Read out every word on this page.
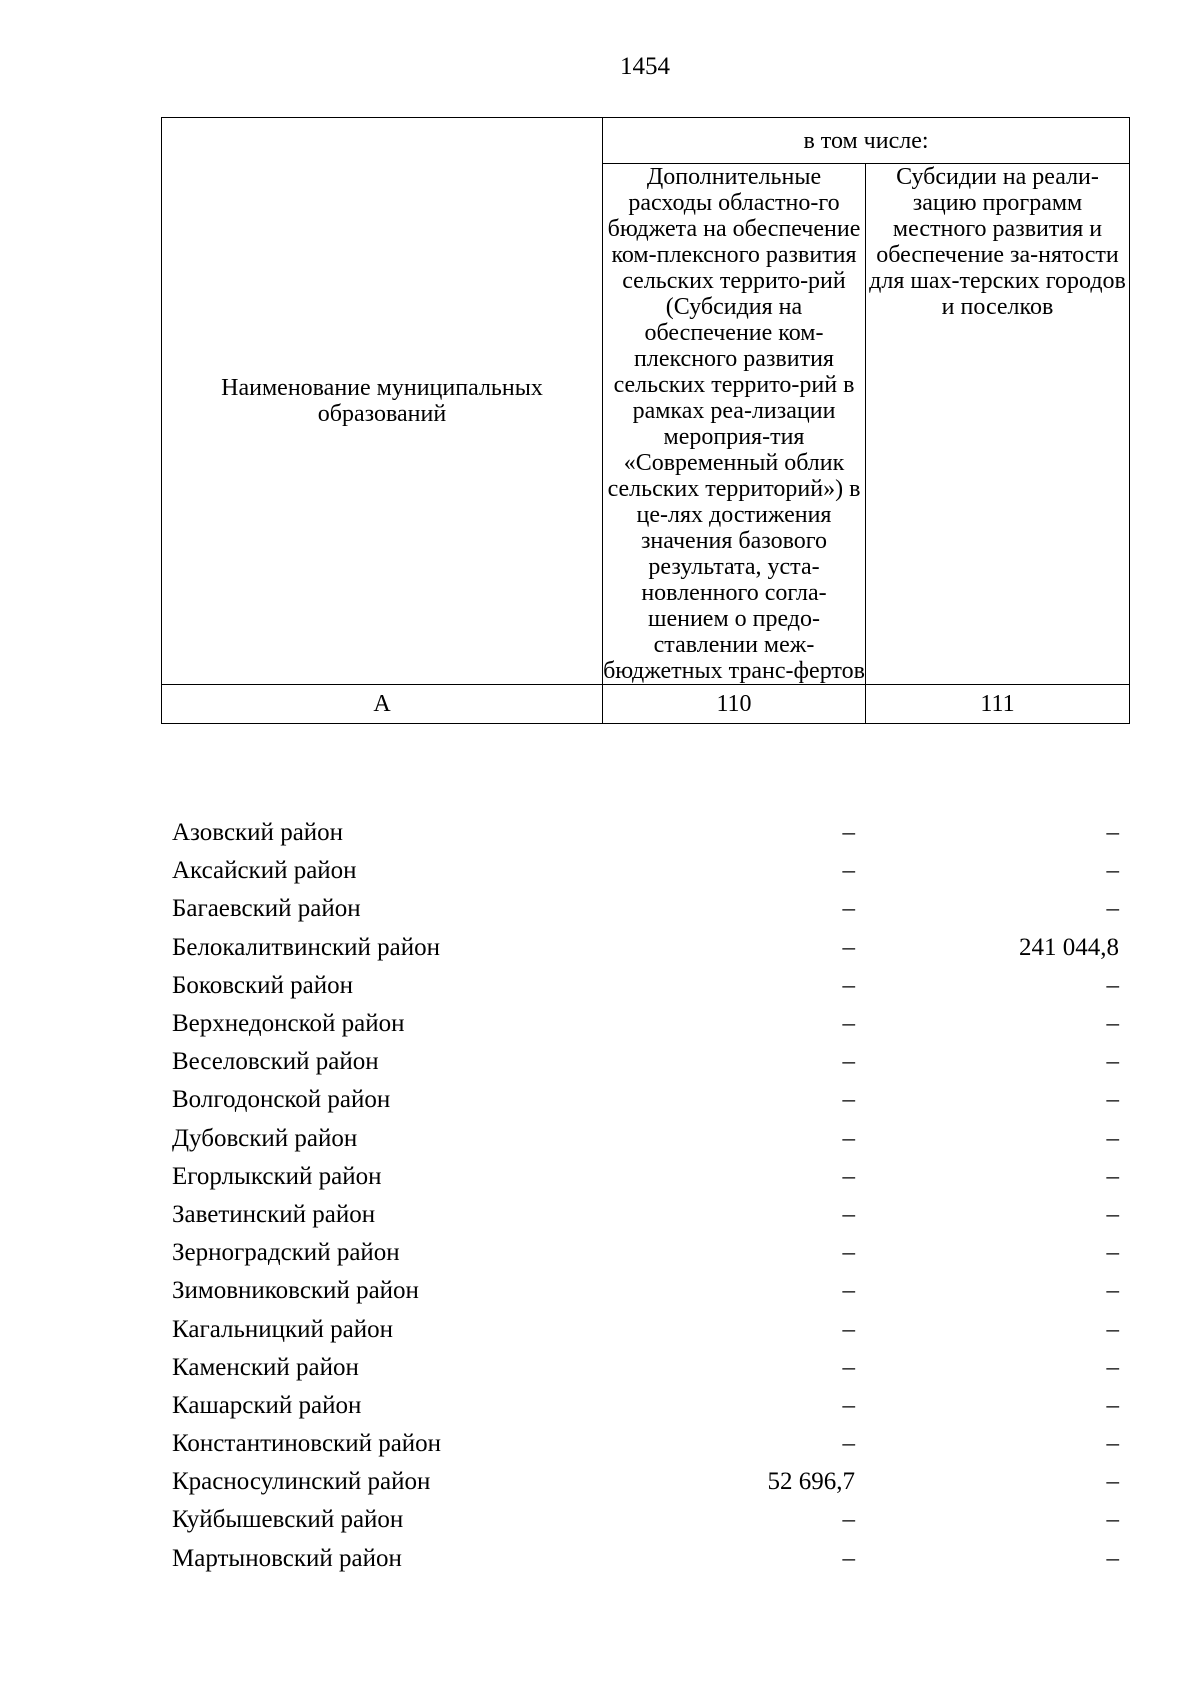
1454
Наименование муниципальных образований	в том числе:	

	Дополнительные расходы областно-го бюджета на обеспечение ком-плексного развития сельских террито-рий (Субсидия на обеспечение ком-плексного развития сельских террито-рий в рамках реа-лизации мероприя-тия «Современный облик сельских территорий») в це-лях достижения значения базового результата, уста-новленного согла-шением о предо-ставлении меж-бюджетных транс-фертов	Субсидии на реали-зацию программ местного развития и обеспечение за-нятости для шах-терских городов и поселков

А	110	111
Азовский район	–	–
Аксайский район	–	–
Багаевский район	–	–
Белокалитвинский район	–	241 044,8
Боковский район	–	–
Верхнедонской район	–	–
Веселовский район	–	–
Волгодонской район	–	–
Дубовский район	–	–
Егорлыкский район	–	–
Заветинский район	–	–
Зерноградский район	–	–
Зимовниковский район	–	–
Кагальницкий район	–	–
Каменский район	–	–
Кашарский район	–	–
Константиновский район	–	–
Красносулинский район	52 696,7	–
Куйбышевский район	–	–
Мартыновский район	–	–
